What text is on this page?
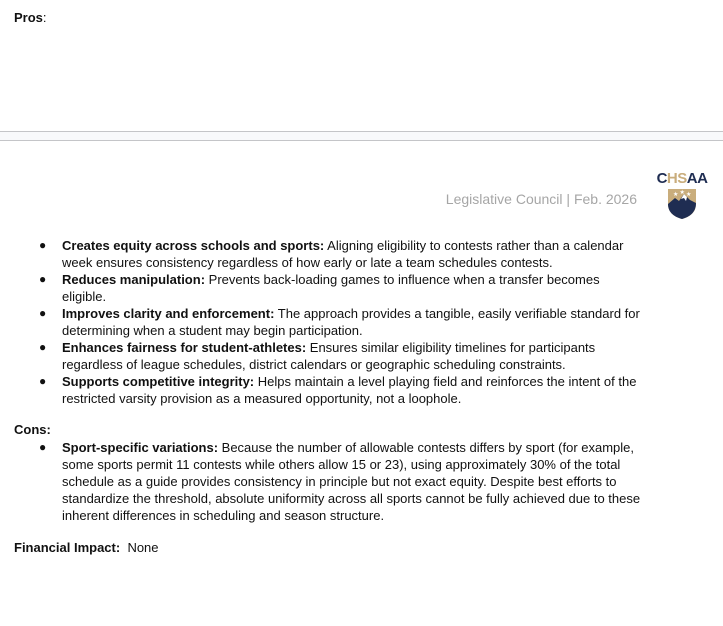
Pros:
Legislative Council | Feb. 2026
CHSAA
★ ★ ★
● Creates equity across schools and sports: Aligning eligibility to contests rather than a calendar week ensures consistency regardless of how early or late a team schedules contests.
● Reduces manipulation: Prevents back-loading games to influence when a transfer becomes eligible.
● Improves clarity and enforcement: The approach provides a tangible, easily verifiable standard for determining when a student may begin participation.
● Enhances fairness for student-athletes: Ensures similar eligibility timelines for participants regardless of league schedules, district calendars or geographic scheduling constraints.
● Supports competitive integrity: Helps maintain a level playing field and reinforces the intent of the restricted varsity provision as a measured opportunity, not a loophole.
Cons:
● Sport-specific variations: Because the number of allowable contests differs by sport (for example, some sports permit 11 contests while others allow 15 or 23), using approximately 30% of the total schedule as a guide provides consistency in principle but not exact equity. Despite best efforts to standardize the threshold, absolute uniformity across all sports cannot be fully achieved due to these inherent differences in scheduling and season structure.
Financial Impact: None
